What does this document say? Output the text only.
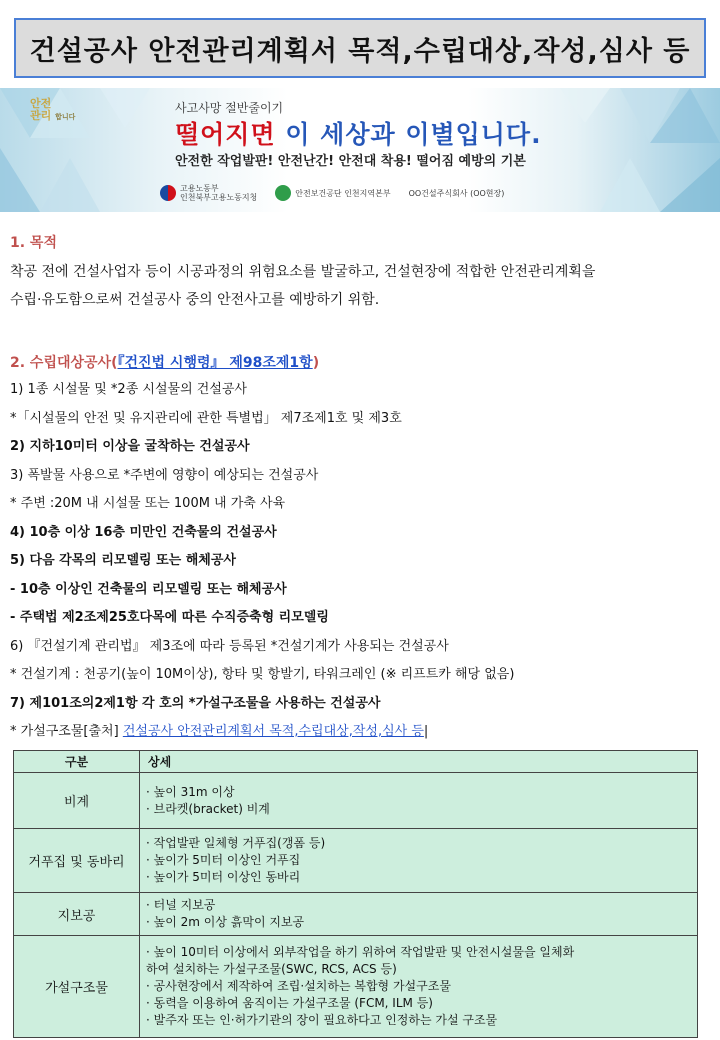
건설공사 안전관리계획서 목적,수립대상,작성,심사 등
안전
관리 합니다
사고사망 절반줄이기
떨어지면 이 세상과 이별입니다.
안전한 작업발판! 안전난간! 안전대 착용! 떨어짐 예방의 기본
고용노동부
인천북부고용노동지청	안전보건공단 인천지역본부 OO건설주식회사 (OO현장)
1. 목적
착공 전에 건설사업자 등이 시공과정의 위험요소를 발굴하고, 건설현장에 적합한 안전관리계획을
수립·유도함으로써 건설공사 중의 안전사고를 예방하기 위함.
2. 수립대상공사(『건진법 시행령』 제98조제1항)
1) 1종 시설물 및 *2종 시설물의 건설공사
*「시설물의 안전 및 유지관리에 관한 특별법」 제7조제1호 및 제3호
2) 지하10미터 이상을 굴착하는 건설공사
3) 폭발물 사용으로 *주변에 영향이 예상되는 건설공사
* 주변 :20M 내 시설물 또는 100M 내 가축 사육
4) 10층 이상 16층 미만인 건축물의 건설공사
5) 다음 각목의 리모델링 또는 해체공사
- 10층 이상인 건축물의 리모델링 또는 해체공사
- 주택법 제2조제25호다목에 따른 수직증축형 리모델링
6) 『건설기계 관리법』 제3조에 따라 등록된 *건설기계가 사용되는 건설공사
* 건설기계 : 천공기(높이 10M이상), 항타 및 항발기, 타워크레인 (※ 리프트카 해당 없음)
7) 제101조의2제1항 각 호의 *가설구조물을 사용하는 건설공사
* 가설구조물[출처] 건설공사 안전관리계획서 목적,수립대상,작성,심사 등|
구분	상세
비계	· 높이 31m 이상
· 브라켓(bracket) 비계

거푸집 및 동바리	· 작업발판 일체형 거푸집(갱폼 등)
· 높이가 5미터 이상인 거푸집
· 높이가 5미터 이상인 동바리

지보공	· 터널 지보공
· 높이 2m 이상 흙막이 지보공

가설구조물	· 높이 10미터 이상에서 외부작업을 하기 위하여 작업발판 및 안전시설물을 일체화
하여 설치하는 가설구조물(SWC, RCS, ACS 등)
· 공사현장에서 제작하여 조립·설치하는 복합형 가설구조물
· 동력을 이용하여 움직이는 가설구조물 (FCM, ILM 등)
· 발주자 또는 인·허가기관의 장이 필요하다고 인정하는 가설 구조물
